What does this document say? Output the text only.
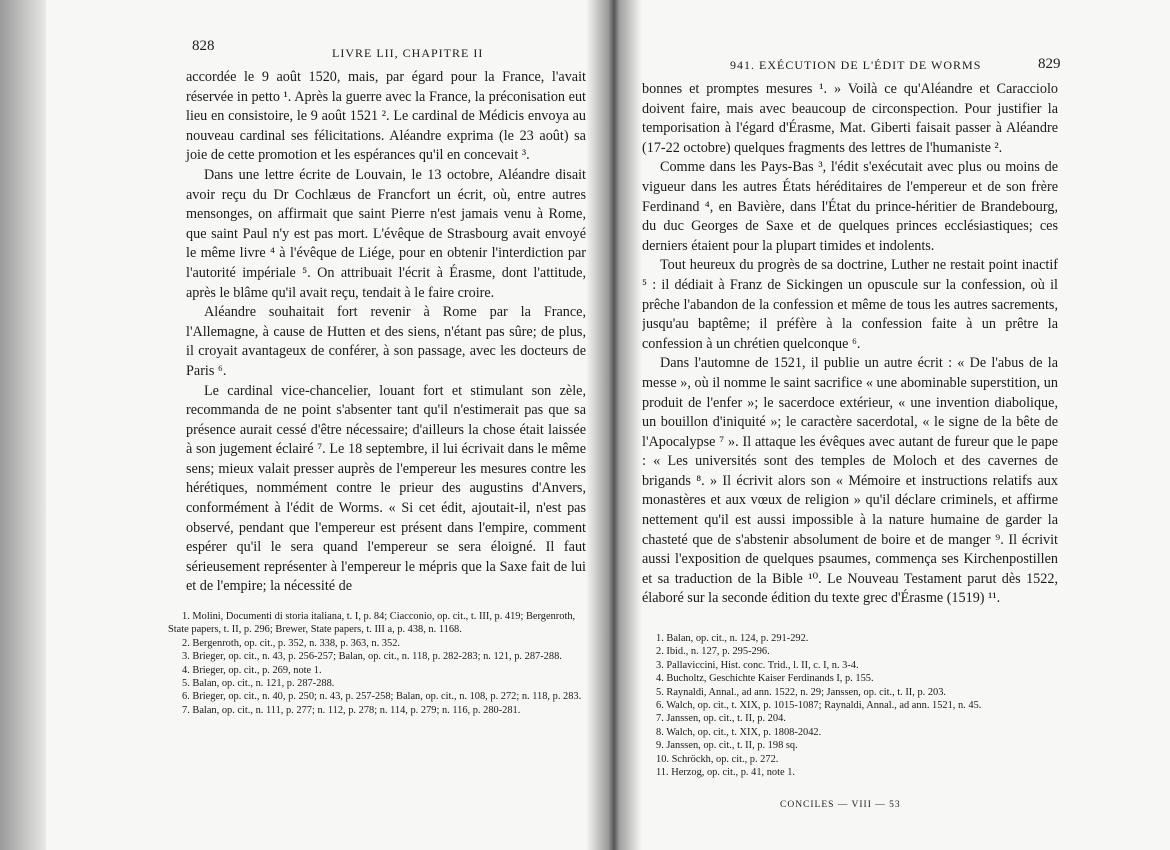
828	LIVRE LII, CHAPITRE II

accordée le 9 août 1520, mais, par égard pour la France, l'avait réservée in petto ¹. Après la guerre avec la France, la préconisation eut lieu en consistoire, le 9 août 1521 ². Le cardinal de Médicis envoya au nouveau cardinal ses félicitations. Aléandre exprima (le 23 août) sa joie de cette promotion et les espérances qu'il en concevait ³.

Dans une lettre écrite de Louvain, le 13 octobre, Aléandre disait avoir reçu du Dr Cochlæus de Francfort un écrit, où, entre autres mensonges, on affirmait que saint Pierre n'est jamais venu à Rome, que saint Paul n'y est pas mort. L'évêque de Strasbourg avait envoyé le même livre ⁴ à l'évêque de Liége, pour en obtenir l'interdiction par l'autorité impériale ⁵. On attribuait l'écrit à Érasme, dont l'attitude, après le blâme qu'il avait reçu, tendait à le faire croire.

Aléandre souhaitait fort revenir à Rome par la France, l'Allemagne, à cause de Hutten et des siens, n'étant pas sûre; de plus, il croyait avantageux de conférer, à son passage, avec les docteurs de Paris ⁶.

Le cardinal vice-chancelier, louant fort et stimulant son zèle, recommanda de ne point s'absenter tant qu'il n'estimerait pas que sa présence aurait cessé d'être nécessaire; d'ailleurs la chose était laissée à son jugement éclairé ⁷. Le 18 septembre, il lui écrivait dans le même sens; mieux valait presser auprès de l'empereur les mesures contre les hérétiques, nommément contre le prieur des augustins d'Anvers, conformément à l'édit de Worms. « Si cet édit, ajoutait-il, n'est pas observé, pendant que l'empereur est présent dans l'empire, comment espérer qu'il le sera quand l'empereur se sera éloigné. Il faut sérieusement représenter à l'empereur le mépris que la Saxe fait de lui et de l'empire; la nécessité de

1. Molini, Documenti di storia italiana, t. I, p. 84; Ciacconio, op. cit., t. III, p. 419; Bergenroth, State papers, t. II, p. 296; Brewer, State papers, t. III a, p. 438, n. 1168.

2. Bergenroth, op. cit., p. 352, n. 338, p. 363, n. 352.

3. Brieger, op. cit., n. 43, p. 256-257; Balan, op. cit., n. 118, p. 282-283; n. 121, p. 287-288.

4. Brieger, op. cit., p. 269, note 1.

5. Balan, op. cit., n. 121, p. 287-288.

6. Brieger, op. cit., n. 40, p. 250; n. 43, p. 257-258; Balan, op. cit., n. 108, p. 272; n. 118, p. 283.

7. Balan, op. cit., n. 111, p. 277; n. 112, p. 278; n. 114, p. 279; n. 116, p. 280-281.

941. EXÉCUTION DE L'ÉDIT DE WORMS	829

bonnes et promptes mesures ¹. » Voilà ce qu'Aléandre et Caracciolo doivent faire, mais avec beaucoup de circonspection. Pour justifier la temporisation à l'égard d'Érasme, Mat. Giberti faisait passer à Aléandre (17-22 octobre) quelques fragments des lettres de l'humaniste ².

Comme dans les Pays-Bas ³, l'édit s'exécutait avec plus ou moins de vigueur dans les autres États héréditaires de l'empereur et de son frère Ferdinand ⁴, en Bavière, dans l'État du prince-héritier de Brandebourg, du duc Georges de Saxe et de quelques princes ecclésiastiques; ces derniers étaient pour la plupart timides et indolents.

Tout heureux du progrès de sa doctrine, Luther ne restait point inactif ⁵ : il dédiait à Franz de Sickingen un opuscule sur la confession, où il prêche l'abandon de la confession et même de tous les autres sacrements, jusqu'au baptême; il préfère à la confession faite à un prêtre la confession à un chrétien quelconque ⁶.

Dans l'automne de 1521, il publie un autre écrit : « De l'abus de la messe », où il nomme le saint sacrifice « une abominable superstition, un produit de l'enfer »; le sacerdoce extérieur, « une invention diabolique, un bouillon d'iniquité »; le caractère sacerdotal, « le signe de la bête de l'Apocalypse ⁷ ». Il attaque les évêques avec autant de fureur que le pape : « Les universités sont des temples de Moloch et des cavernes de brigands ⁸. » Il écrivit alors son « Mémoire et instructions relatifs aux monastères et aux vœux de religion » qu'il déclare criminels, et affirme nettement qu'il est aussi impossible à la nature humaine de garder la chasteté que de s'abstenir absolument de boire et de manger ⁹. Il écrivit aussi l'exposition de quelques psaumes, commença ses Kirchenpostillen et sa traduction de la Bible ¹⁰. Le Nouveau Testament parut dès 1522, élaboré sur la seconde édition du texte grec d'Érasme (1519) ¹¹.

1. Balan, op. cit., n. 124, p. 291-292.

2. Ibid., n. 127, p. 295-296.

3. Pallaviccini, Hist. conc. Trid., l. II, c. I, n. 3-4.

4. Bucholtz, Geschichte Kaiser Ferdinands I, p. 155.

5. Raynaldi, Annal., ad ann. 1522, n. 29; Janssen, op. cit., t. II, p. 203.

6. Walch, op. cit., t. XIX, p. 1015-1087; Raynaldi, Annal., ad ann. 1521, n. 45.

7. Janssen, op. cit., t. II, p. 204.

8. Walch, op. cit., t. XIX, p. 1808-2042.

9. Janssen, op. cit., t. II, p. 198 sq.

10. Schröckh, op. cit., p. 272.

11. Herzog, op. cit., p. 41, note 1.

CONCILES — VIII — 53
